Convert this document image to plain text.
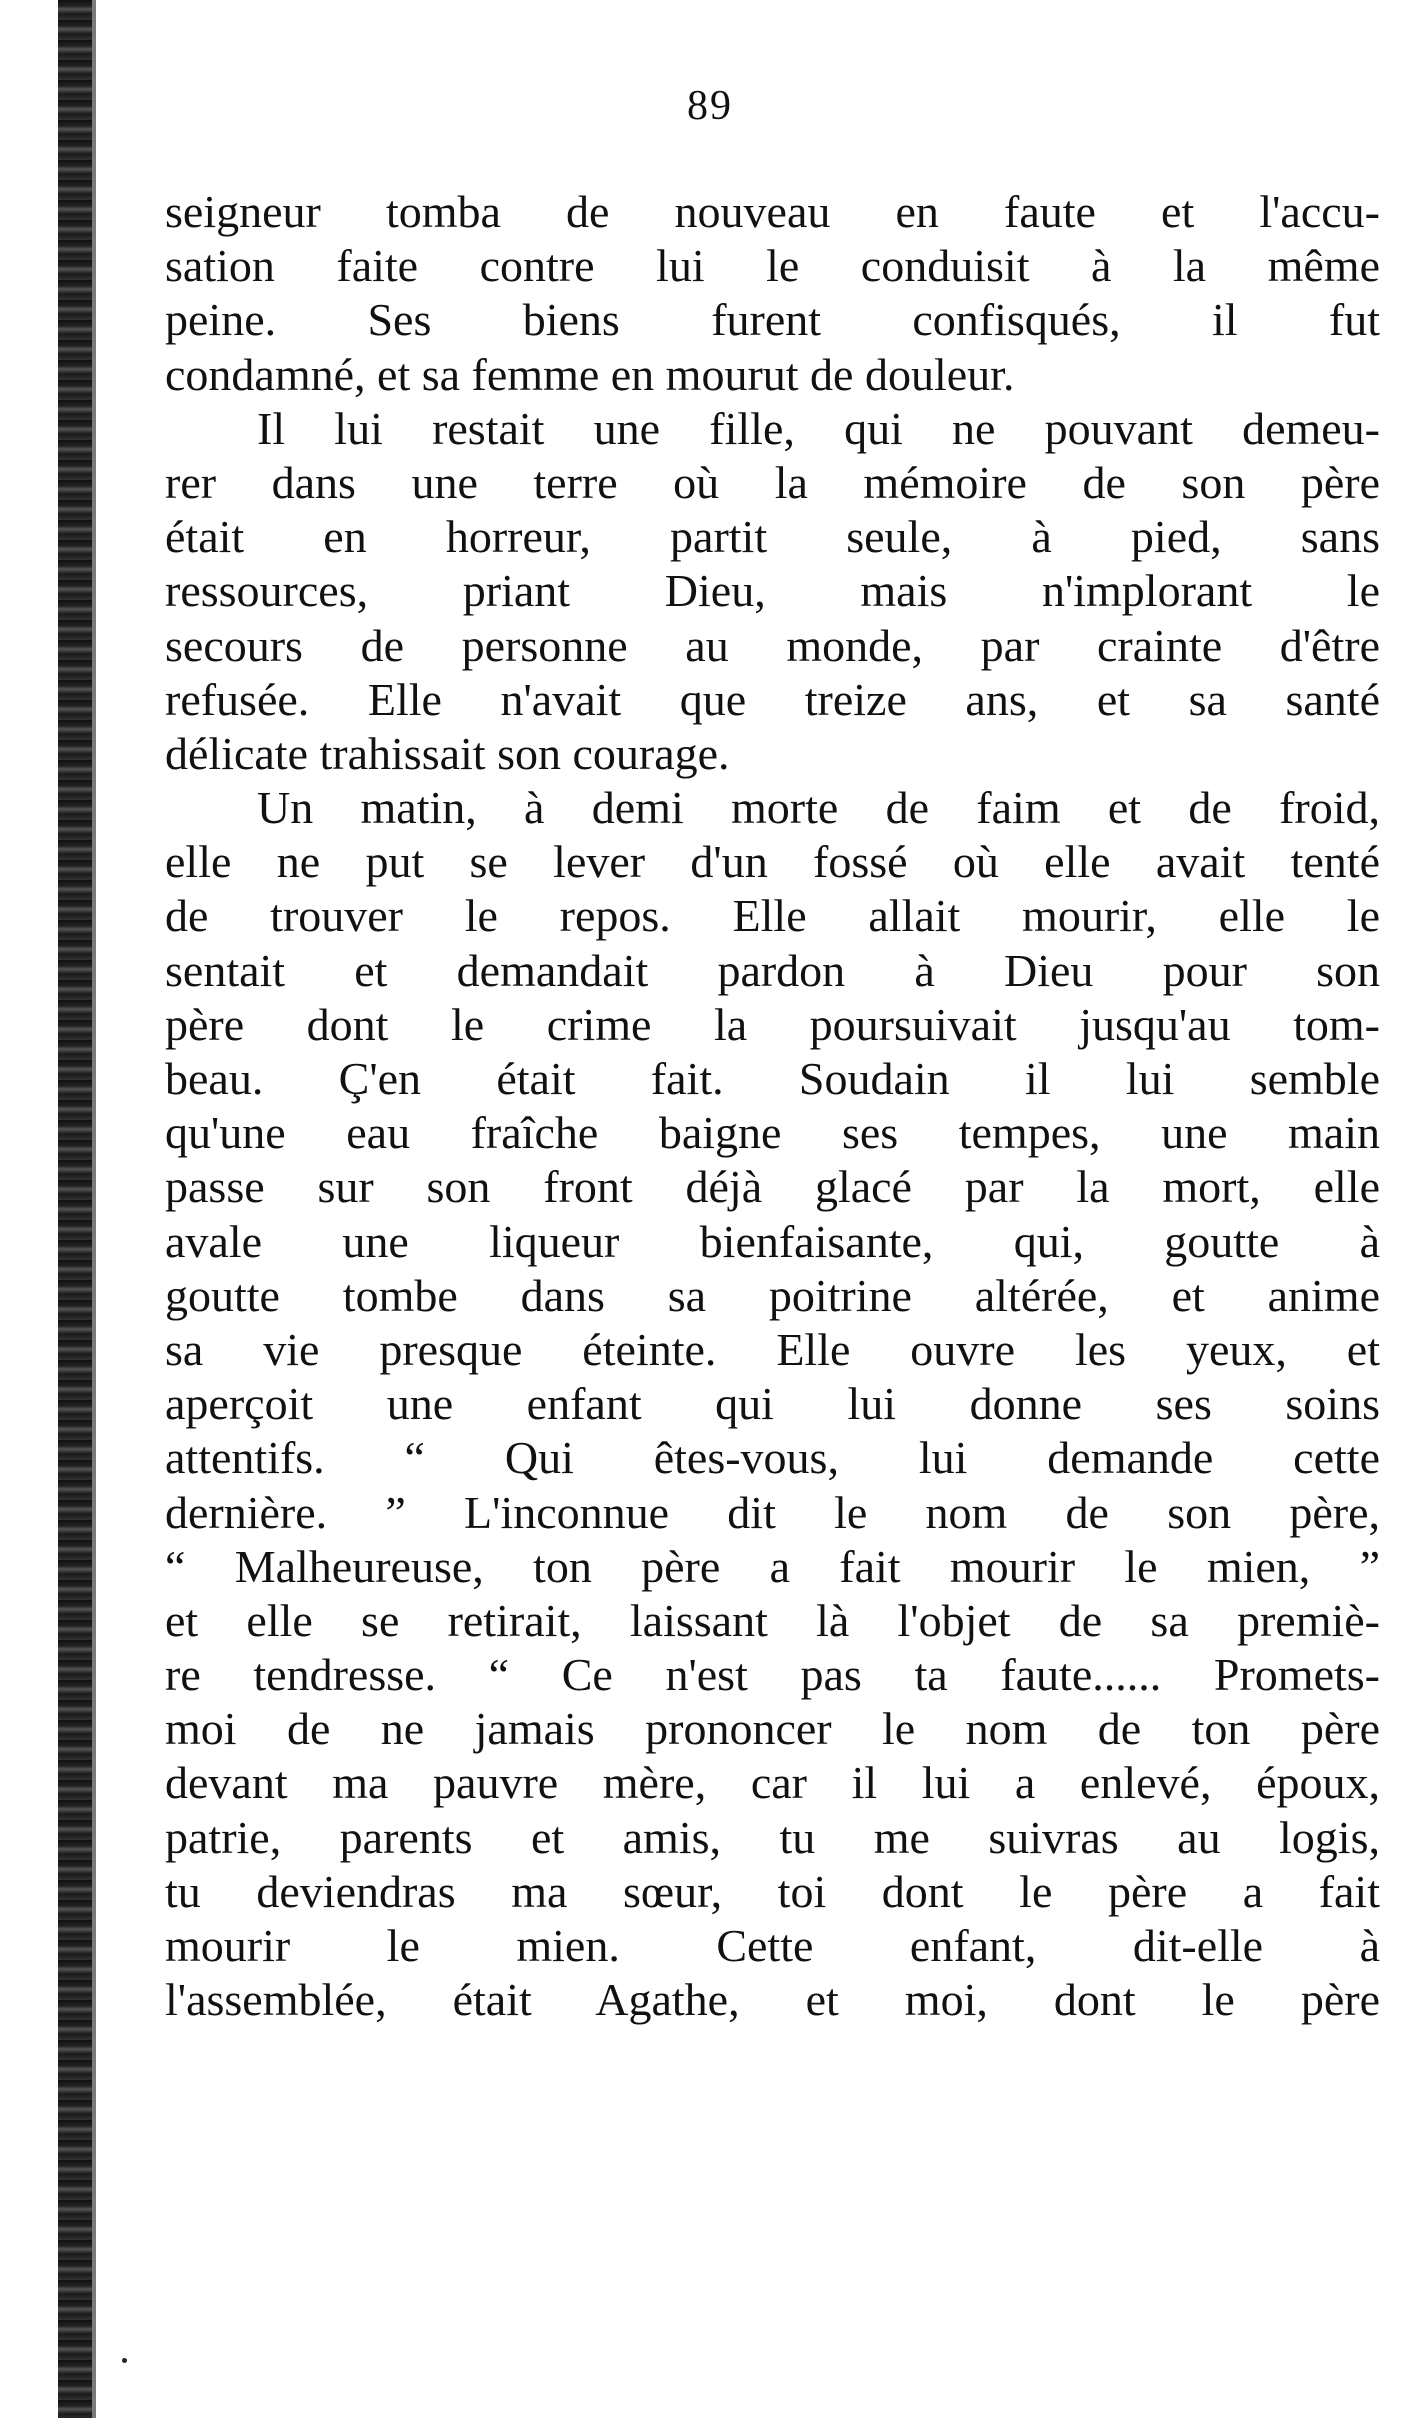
89
seigneur tomba de nouveau en faute et l'accu-
sation faite contre lui le conduisit à la même
peine. Ses biens furent confisqués, il fut
condamné, et sa femme en mourut de douleur.
Il lui restait une fille, qui ne pouvant demeu-
rer dans une terre où la mémoire de son père
était en horreur, partit seule, à pied, sans
ressources, priant Dieu, mais n'implorant le
secours de personne au monde, par crainte d'être
refusée. Elle n'avait que treize ans, et sa santé
délicate trahissait son courage.
Un matin, à demi morte de faim et de froid,
elle ne put se lever d'un fossé où elle avait tenté
de trouver le repos. Elle allait mourir, elle le
sentait et demandait pardon à Dieu pour son
père dont le crime la poursuivait jusqu'au tom-
beau. Ç'en était fait. Soudain il lui semble
qu'une eau fraîche baigne ses tempes, une main
passe sur son front déjà glacé par la mort, elle
avale une liqueur bienfaisante, qui, goutte à
goutte tombe dans sa poitrine altérée, et anime
sa vie presque éteinte. Elle ouvre les yeux, et
aperçoit une enfant qui lui donne ses soins
attentifs. “ Qui êtes-vous, lui demande cette
dernière. ” L'inconnue dit le nom de son père,
“ Malheureuse, ton père a fait mourir le mien, ”
et elle se retirait, laissant là l'objet de sa premiè-
re tendresse. “ Ce n'est pas ta faute...... Promets-
moi de ne jamais prononcer le nom de ton père
devant ma pauvre mère, car il lui a enlevé, époux,
patrie, parents et amis, tu me suivras au logis,
tu deviendras ma sœur, toi dont le père a fait
mourir le mien. Cette enfant, dit-elle à
l'assemblée, était Agathe, et moi, dont le père
